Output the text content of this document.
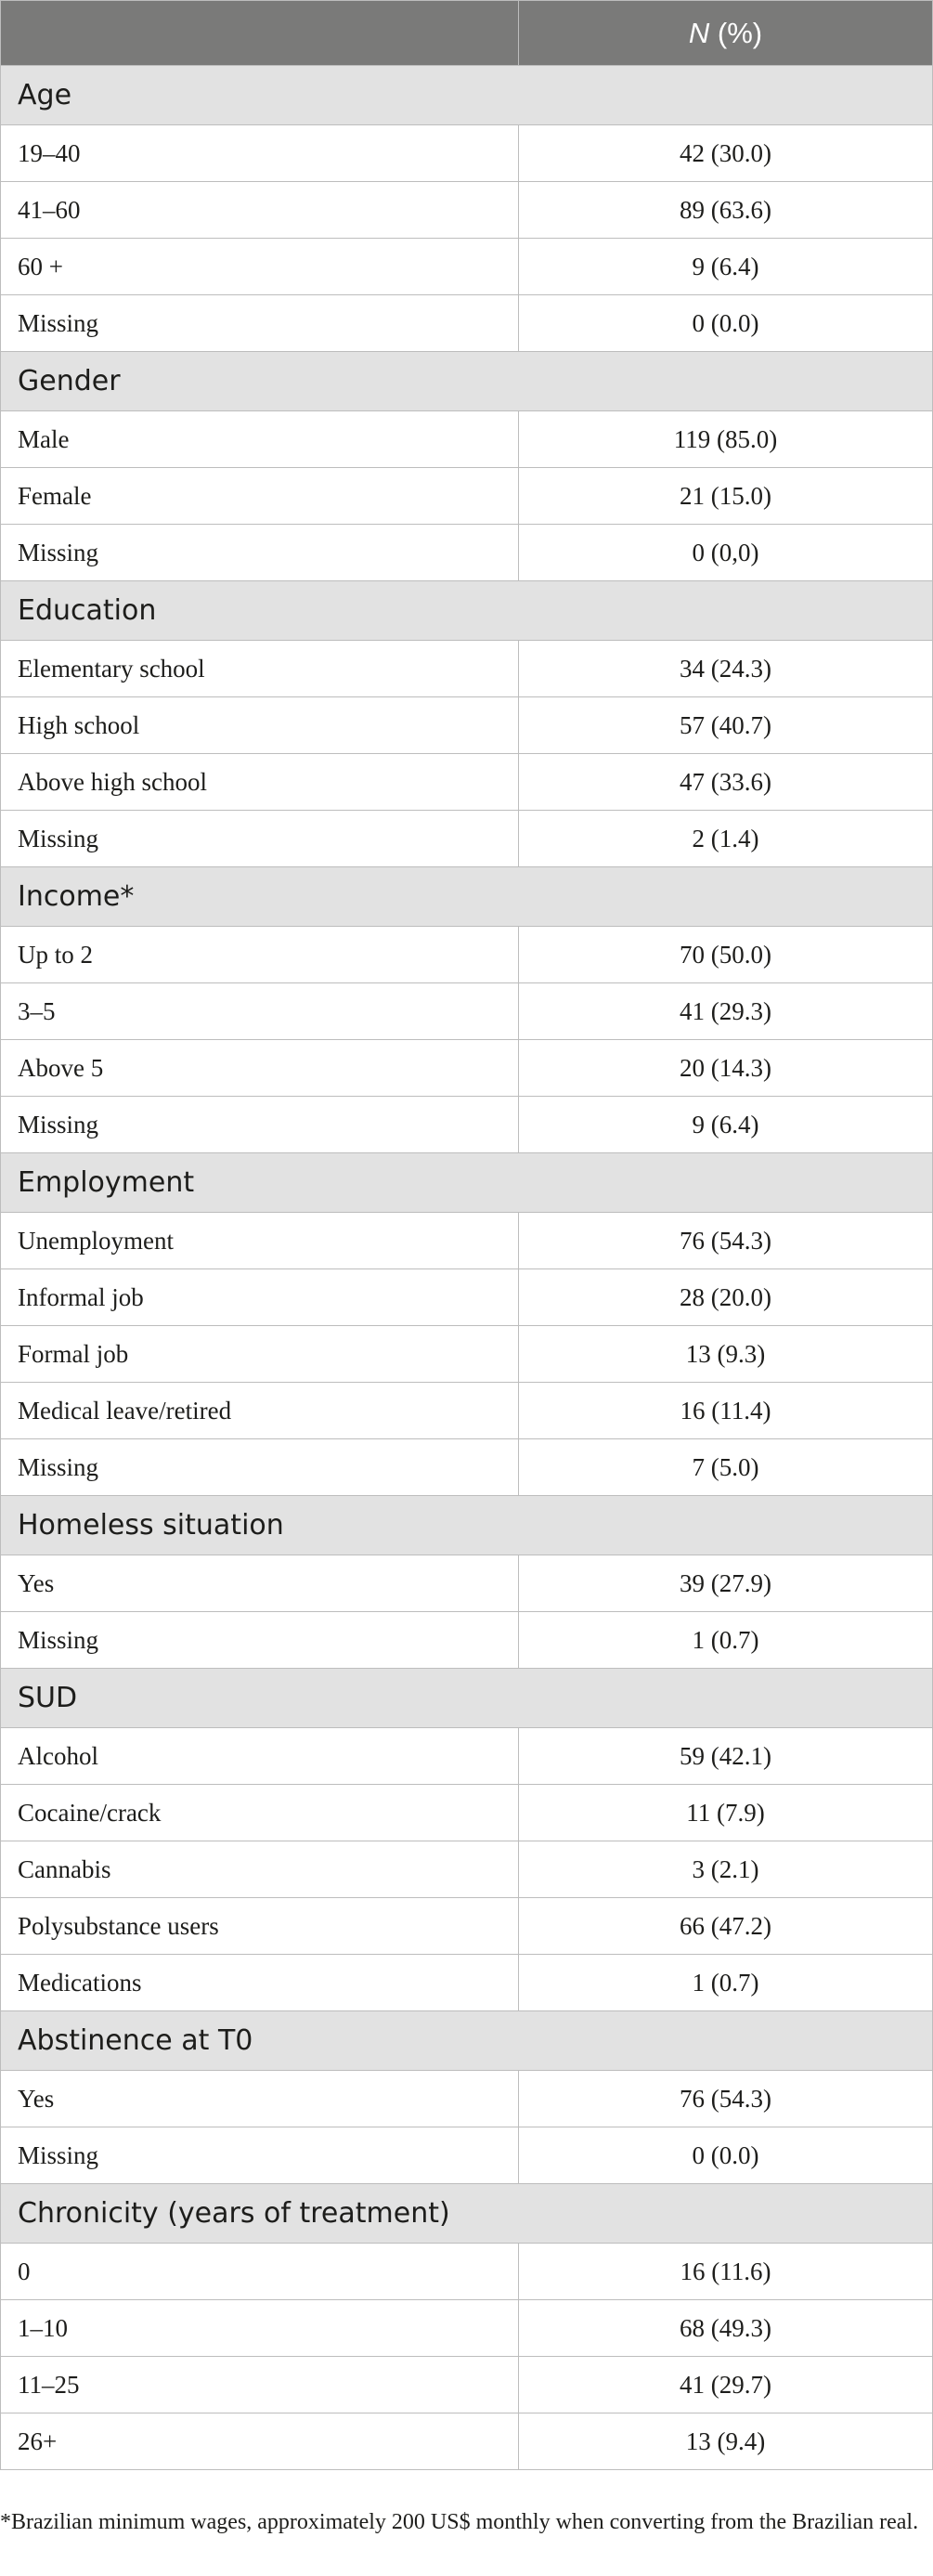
	N (%)
Age	
19–40	42 (30.0)
41–60	89 (63.6)
60 +	9 (6.4)
Missing	0 (0.0)
Gender	
Male	119 (85.0)
Female	21 (15.0)
Missing	0 (0,0)
Education	
Elementary school	34 (24.3)
High school	57 (40.7)
Above high school	47 (33.6)
Missing	2 (1.4)
Income*	
Up to 2	70 (50.0)
3–5	41 (29.3)
Above 5	20 (14.3)
Missing	9 (6.4)
Employment	
Unemployment	76 (54.3)
Informal job	28 (20.0)
Formal job	13 (9.3)
Medical leave/retired	16 (11.4)
Missing	7 (5.0)
Homeless situation	
Yes	39 (27.9)
Missing	1 (0.7)
SUD	
Alcohol	59 (42.1)
Cocaine/crack	11 (7.9)
Cannabis	3 (2.1)
Polysubstance users	66 (47.2)
Medications	1 (0.7)
Abstinence at T0	
Yes	76 (54.3)
Missing	0 (0.0)
Chronicity (years of treatment)	
0	16 (11.6)
1–10	68 (49.3)
11–25	41 (29.7)
26+	13 (9.4)
*Brazilian minimum wages, approximately 200 US$ monthly when converting from the Brazilian real.
